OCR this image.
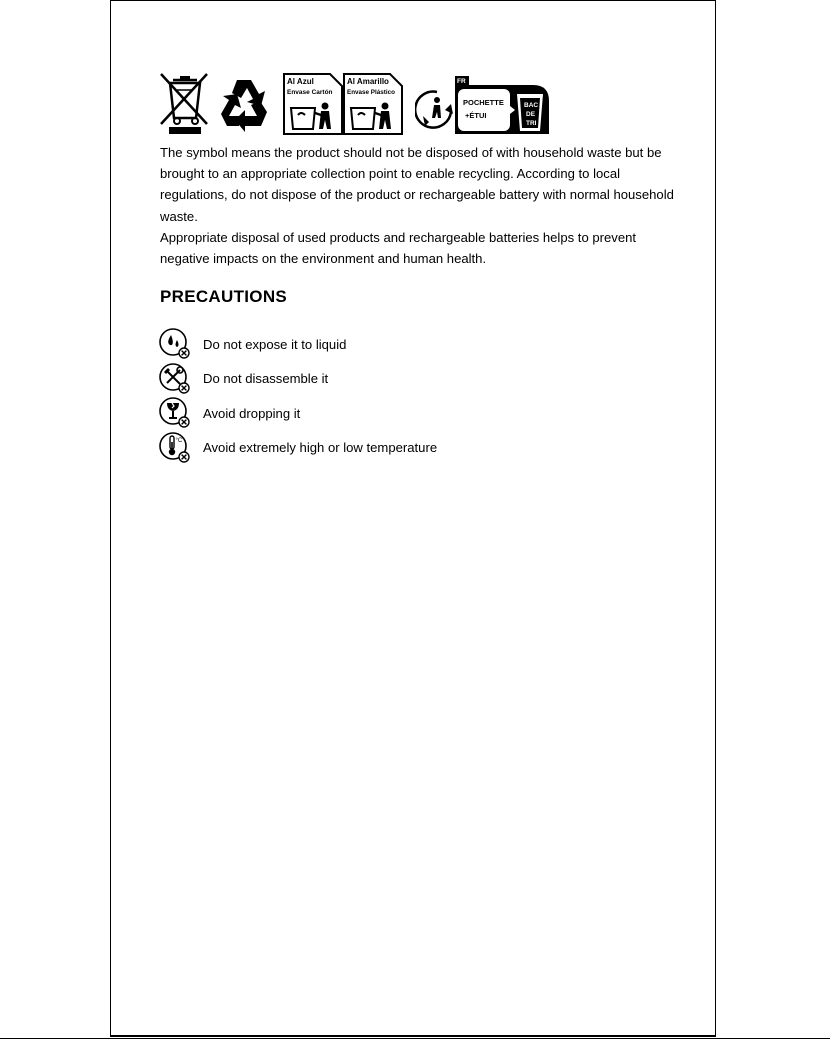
Al Azul
Envase Cartón
Al Amarillo
Envase Plástico
FR
POCHETTE
+ÉTUI
BAC
DE
TRI

The symbol means the product should not be disposed of with household waste but be brought to an appropriate collection point to enable recycling. According to local regulations, do not dispose of the product or rechargeable battery with normal household waste.

Appropriate disposal of used products and rechargeable batteries helps to prevent negative impacts on the environment and human health.

PRECAUTIONS
Do not expose it to liquid
Do not disassemble it
Avoid dropping it
°C Avoid extremely high or low temperature
